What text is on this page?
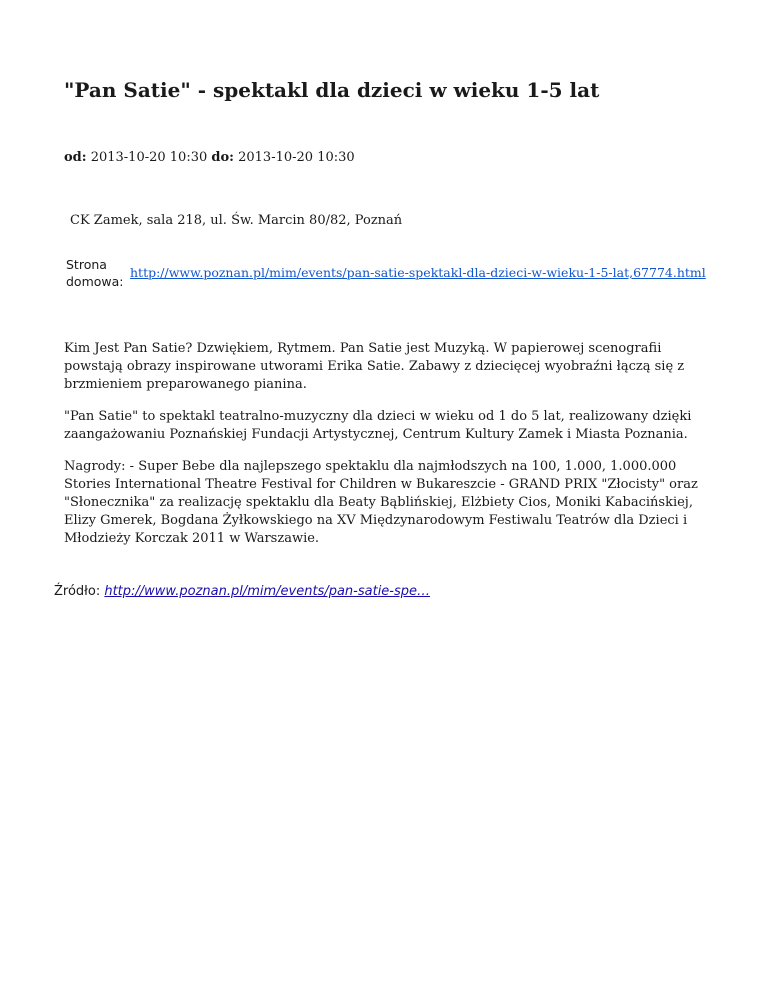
"Pan Satie" - spektakl dla dzieci w wieku 1-5 lat
od: 2013-10-20 10:30 do: 2013-10-20 10:30
CK Zamek, sala 218, ul. Św. Marcin 80/82, Poznań
Strona
domowa:
http://www.poznan.pl/mim/events/pan-satie-spektakl-dla-dzieci-w-wieku-1-5-lat,67774.html

Kim Jest Pan Satie? Dzwiękiem, Rytmem. Pan Satie jest Muzyką. W papierowej scenografii powstają obrazy inspirowane utworami Erika Satie. Zabawy z dziecięcej wyobraźni łączą się z brzmieniem preparowanego pianina.

"Pan Satie" to spektakl teatralno-muzyczny dla dzieci w wieku od 1 do 5 lat, realizowany dzięki zaangażowaniu Poznańskiej Fundacji Artystycznej, Centrum Kultury Zamek i Miasta Poznania.

Nagrody: - Super Bebe dla najlepszego spektaklu dla najmłodszych na 100, 1.000, 1.000.000 Stories International Theatre Festival for Children w Bukareszcie - GRAND PRIX "Złocisty" oraz "Słonecznika" za realizację spektaklu dla Beaty Bąblińskiej, Elżbiety Cios, Moniki Kabacińskiej, Elizy Gmerek, Bogdana Żyłkowskiego na XV Międzynarodowym Festiwalu Teatrów dla Dzieci i Młodzieży Korczak 2011 w Warszawie.

Źródło: http://www.poznan.pl/mim/events/pan-satie-spe…
